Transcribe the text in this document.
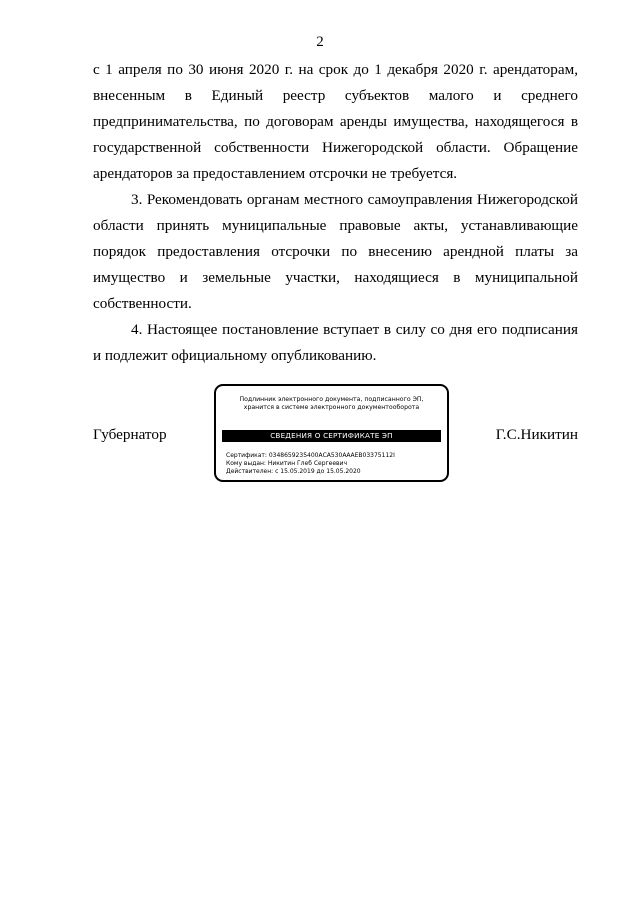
2

с 1 апреля по 30 июня 2020 г. на срок до 1 декабря 2020 г. арендаторам, внесенным в Единый реестр субъектов малого и среднего предпринимательства, по договорам аренды имущества, находящегося в государственной собственности Нижегородской области. Обращение арендаторов за предоставлением отсрочки не требуется.

3. Рекомендовать органам местного самоуправления Нижегородской области принять муниципальные правовые акты, устанавливающие порядок предоставления отсрочки по внесению арендной платы за имущество и земельные участки, находящиеся в муниципальной собственности.

4. Настоящее постановление вступает в силу со дня его подписания и подлежит официальному опубликованию.

Губернатор
Подлинник электронного документа, подписанного ЭП,
хранится в системе электронного документооборота
СВЕДЕНИЯ О СЕРТИФИКАТЕ ЭП
Сертификат: 0348659235400АСА530АААЕВ03375112I
Кому выдан: Никитин Глеб Сергеевич
Действителен: с 15.05.2019 до 15.05.2020
Г.С.Никитин
